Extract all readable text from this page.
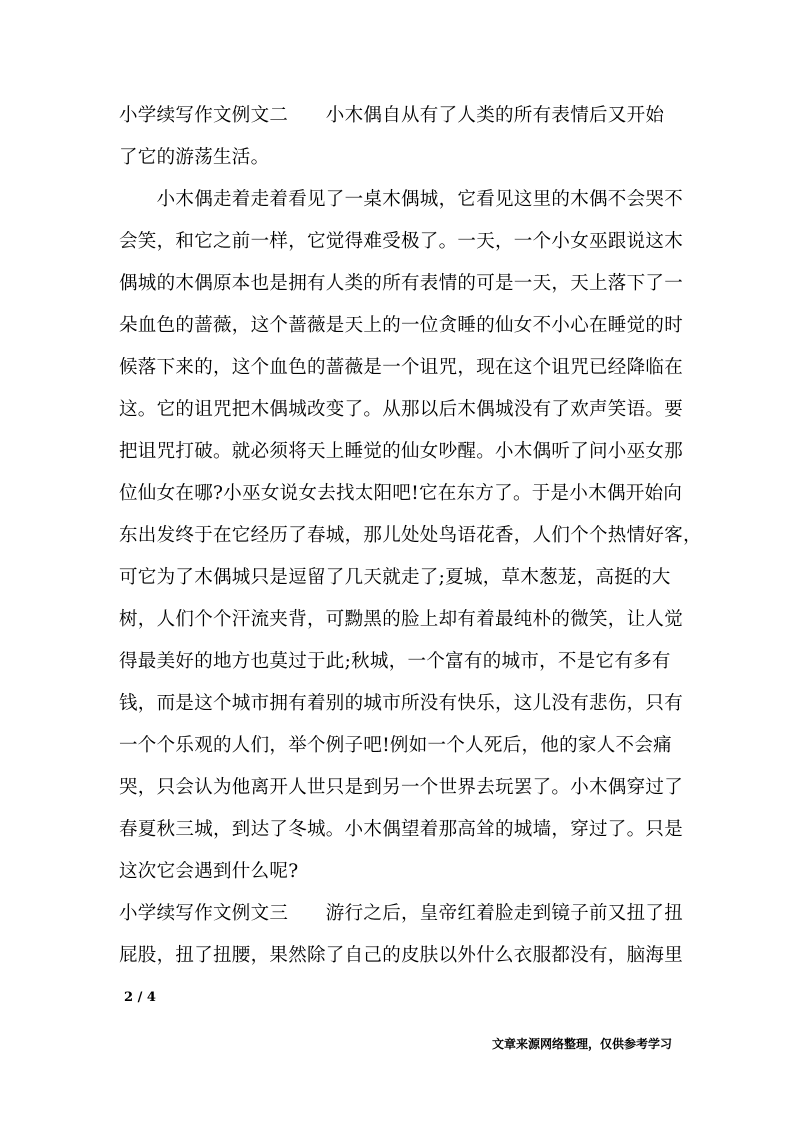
小学续写作文例文二　　小木偶自从有了人类的所有表情后又开始
了它的游荡生活。
　　小木偶走着走着看见了一桌木偶城，它看见这里的木偶不会哭不
会笑，和它之前一样，它觉得难受极了。一天，一个小女巫跟说这木
偶城的木偶原本也是拥有人类的所有表情的可是一天，天上落下了一
朵血色的蔷薇，这个蔷薇是天上的一位贪睡的仙女不小心在睡觉的时
候落下来的，这个血色的蔷薇是一个诅咒，现在这个诅咒已经降临在
这。它的诅咒把木偶城改变了。从那以后木偶城没有了欢声笑语。要
把诅咒打破。就必须将天上睡觉的仙女吵醒。小木偶听了问小巫女那
位仙女在哪?小巫女说女去找太阳吧!它在东方了。于是小木偶开始向
东出发终于在它经历了春城，那儿处处鸟语花香，人们个个热情好客，
可它为了木偶城只是逗留了几天就走了;夏城，草木葱茏，高挺的大
树，人们个个汗流夹背，可黝黑的脸上却有着最纯朴的微笑，让人觉
得最美好的地方也莫过于此;秋城，一个富有的城市，不是它有多有
钱，而是这个城市拥有着别的城市所没有快乐，这儿没有悲伤，只有
一个个乐观的人们，举个例子吧!例如一个人死后，他的家人不会痛
哭，只会认为他离开人世只是到另一个世界去玩罢了。小木偶穿过了
春夏秋三城，到达了冬城。小木偶望着那高耸的城墙，穿过了。只是
这次它会遇到什么呢?
小学续写作文例文三　　游行之后，皇帝红着脸走到镜子前又扭了扭
屁股，扭了扭腰，果然除了自己的皮肤以外什么衣服都没有，脑海里
2 / 4
文章来源网络整理，仅供参考学习
